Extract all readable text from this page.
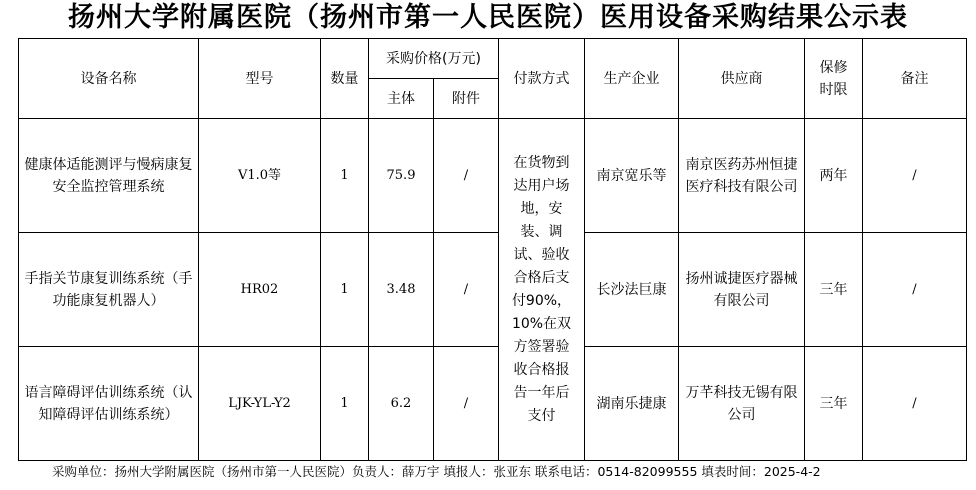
扬州大学附属医院（扬州市第一人民医院）医用设备采购结果公示表
设备名称	型号	数量	采购价格(万元)		付款方式	生产企业	供应商	保修时限	备注
			主体	附件					
健康体适能测评与慢病康复安全监控管理系统	V1.0等	1	75.9	/	在货物到达用户场地，安装、调试、验收合格后支付90%，10%在双方签署验收合格报告一年后支付	南京宽乐等	南京医药苏州恒捷医疗科技有限公司	两年	/
手指关节康复训练系统（手功能康复机器人）	HR02	1	3.48	/		长沙法巨康	扬州诚捷医疗器械有限公司	三年	/
语言障碍评估训练系统（认知障碍评估训练系统）	LJK-YL-Y2	1	6.2	/		湖南乐捷康	万芊科技无锡有限公司	三年	/
采购单位：扬州大学附属医院（扬州市第一人民医院）负责人：薛万宇 填报人：张亚东 联系电话：0514-82099555 填表时间：2025-4-2
